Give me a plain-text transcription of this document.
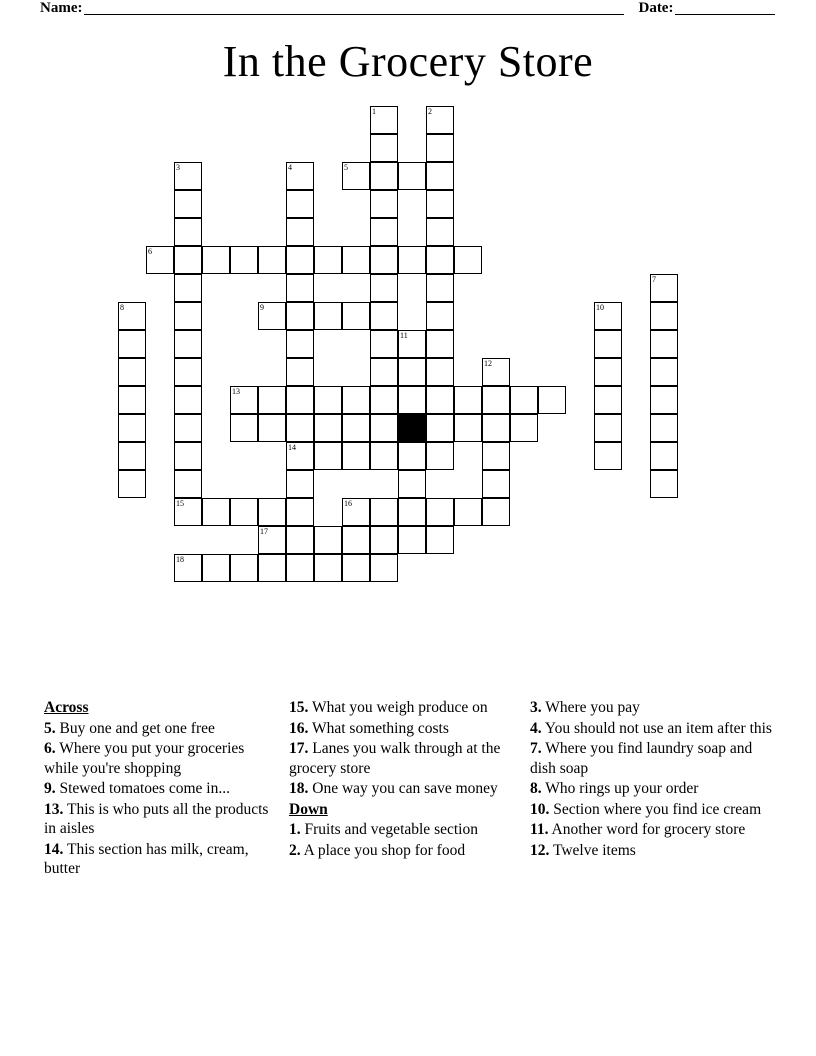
Name:	Date:
In the Grocery Store
1	2
3	4	5
6
7
8	9	10
11
12
13
14
15	16
17
18
Across

5. Buy one and get one free

6. Where you put your groceries while you're shopping

9. Stewed tomatoes come in...

13. This is who puts all the products in aisles

14. This section has milk, cream, butter

15. What you weigh produce on

16. What something costs

17. Lanes you walk through at the grocery store

18. One way you can save money

Down

1. Fruits and vegetable section

2. A place you shop for food

3. Where you pay

4. You should not use an item after this

7. Where you find laundry soap and dish soap

8. Who rings up your order

10. Section where you find ice cream

11. Another word for grocery store

12. Twelve items
